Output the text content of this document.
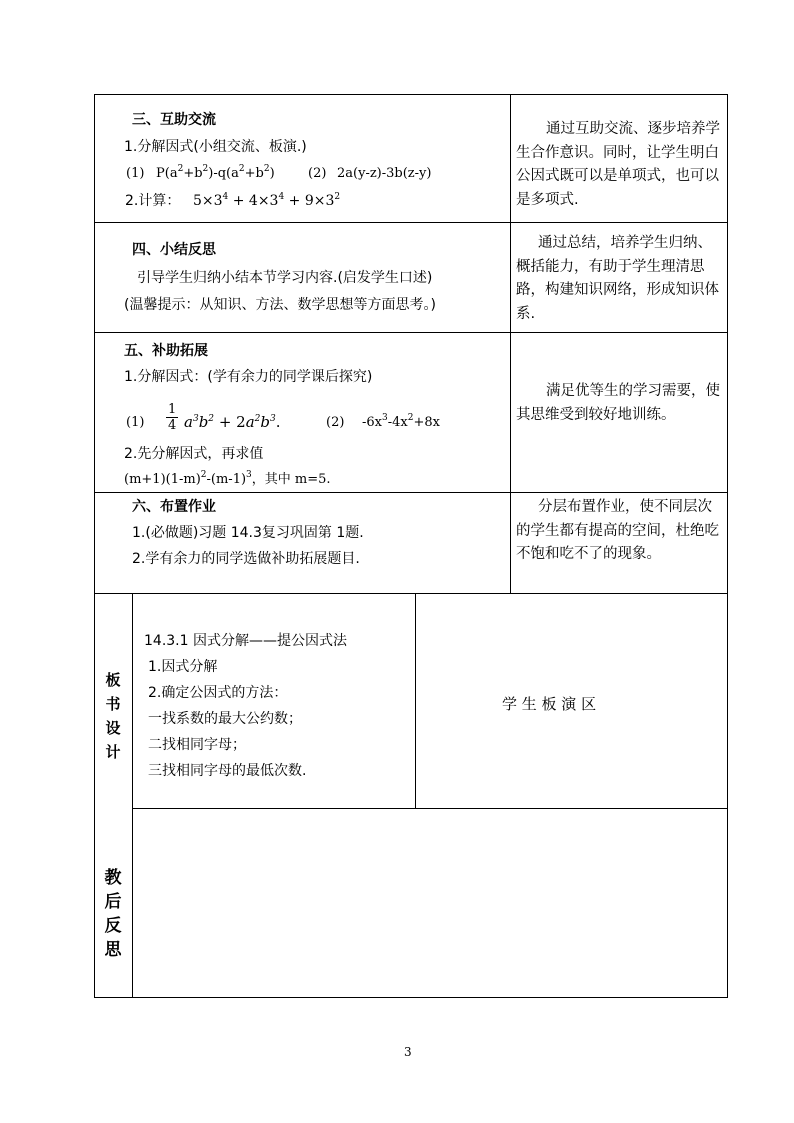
三、互助交流
1.分解因式(小组交流、板演.)
(1) $P(a^2+b^2)-q(a^2+b^2)$	(2) 2a(y-z)-3b(z-y)
2.计算： $5\times 3^4 + 4\times 3^4 + 9\times 3^2$
通过互助交流、逐步培养学生合作意识。同时，让学生明白公因式既可以是单项式，也可以是多项式.
四、小结反思
引导学生归纳小结本节学习内容.(启发学生口述)
(温馨提示：从知识、方法、数学思想等方面思考。)
通过总结，培养学生归纳、概括能力，有助于学生理清思路，构建知识网络，形成知识体系.
五、补助拓展
1.分解因式：(学有余力的同学课后探究)
$(1) \frac{1}{4} a^3b^2 + 2a^2b^3$.	(2) $-6x^3-4x^2+8x$
2.先分解因式，再求值
$(m+1)(1-m)^2-(m-1)^3$，其中 m=5.
满足优等生的学习需要，使其思维受到较好地训练。
六、布置作业
1.(必做题)习题 14.3复习巩固第 1题.
2.学有余力的同学选做补助拓展题目.
分层布置作业，使不同层次的学生都有提高的空间，杜绝吃不饱和吃不了的现象。
板书设计
14.3.1 因式分解——提公因式法
1.因式分解
2.确定公因式的方法：
一找系数的最大公约数；
二找相同字母；
三找相同字母的最低次数.
学 生 板 演 区
教后反思
3
